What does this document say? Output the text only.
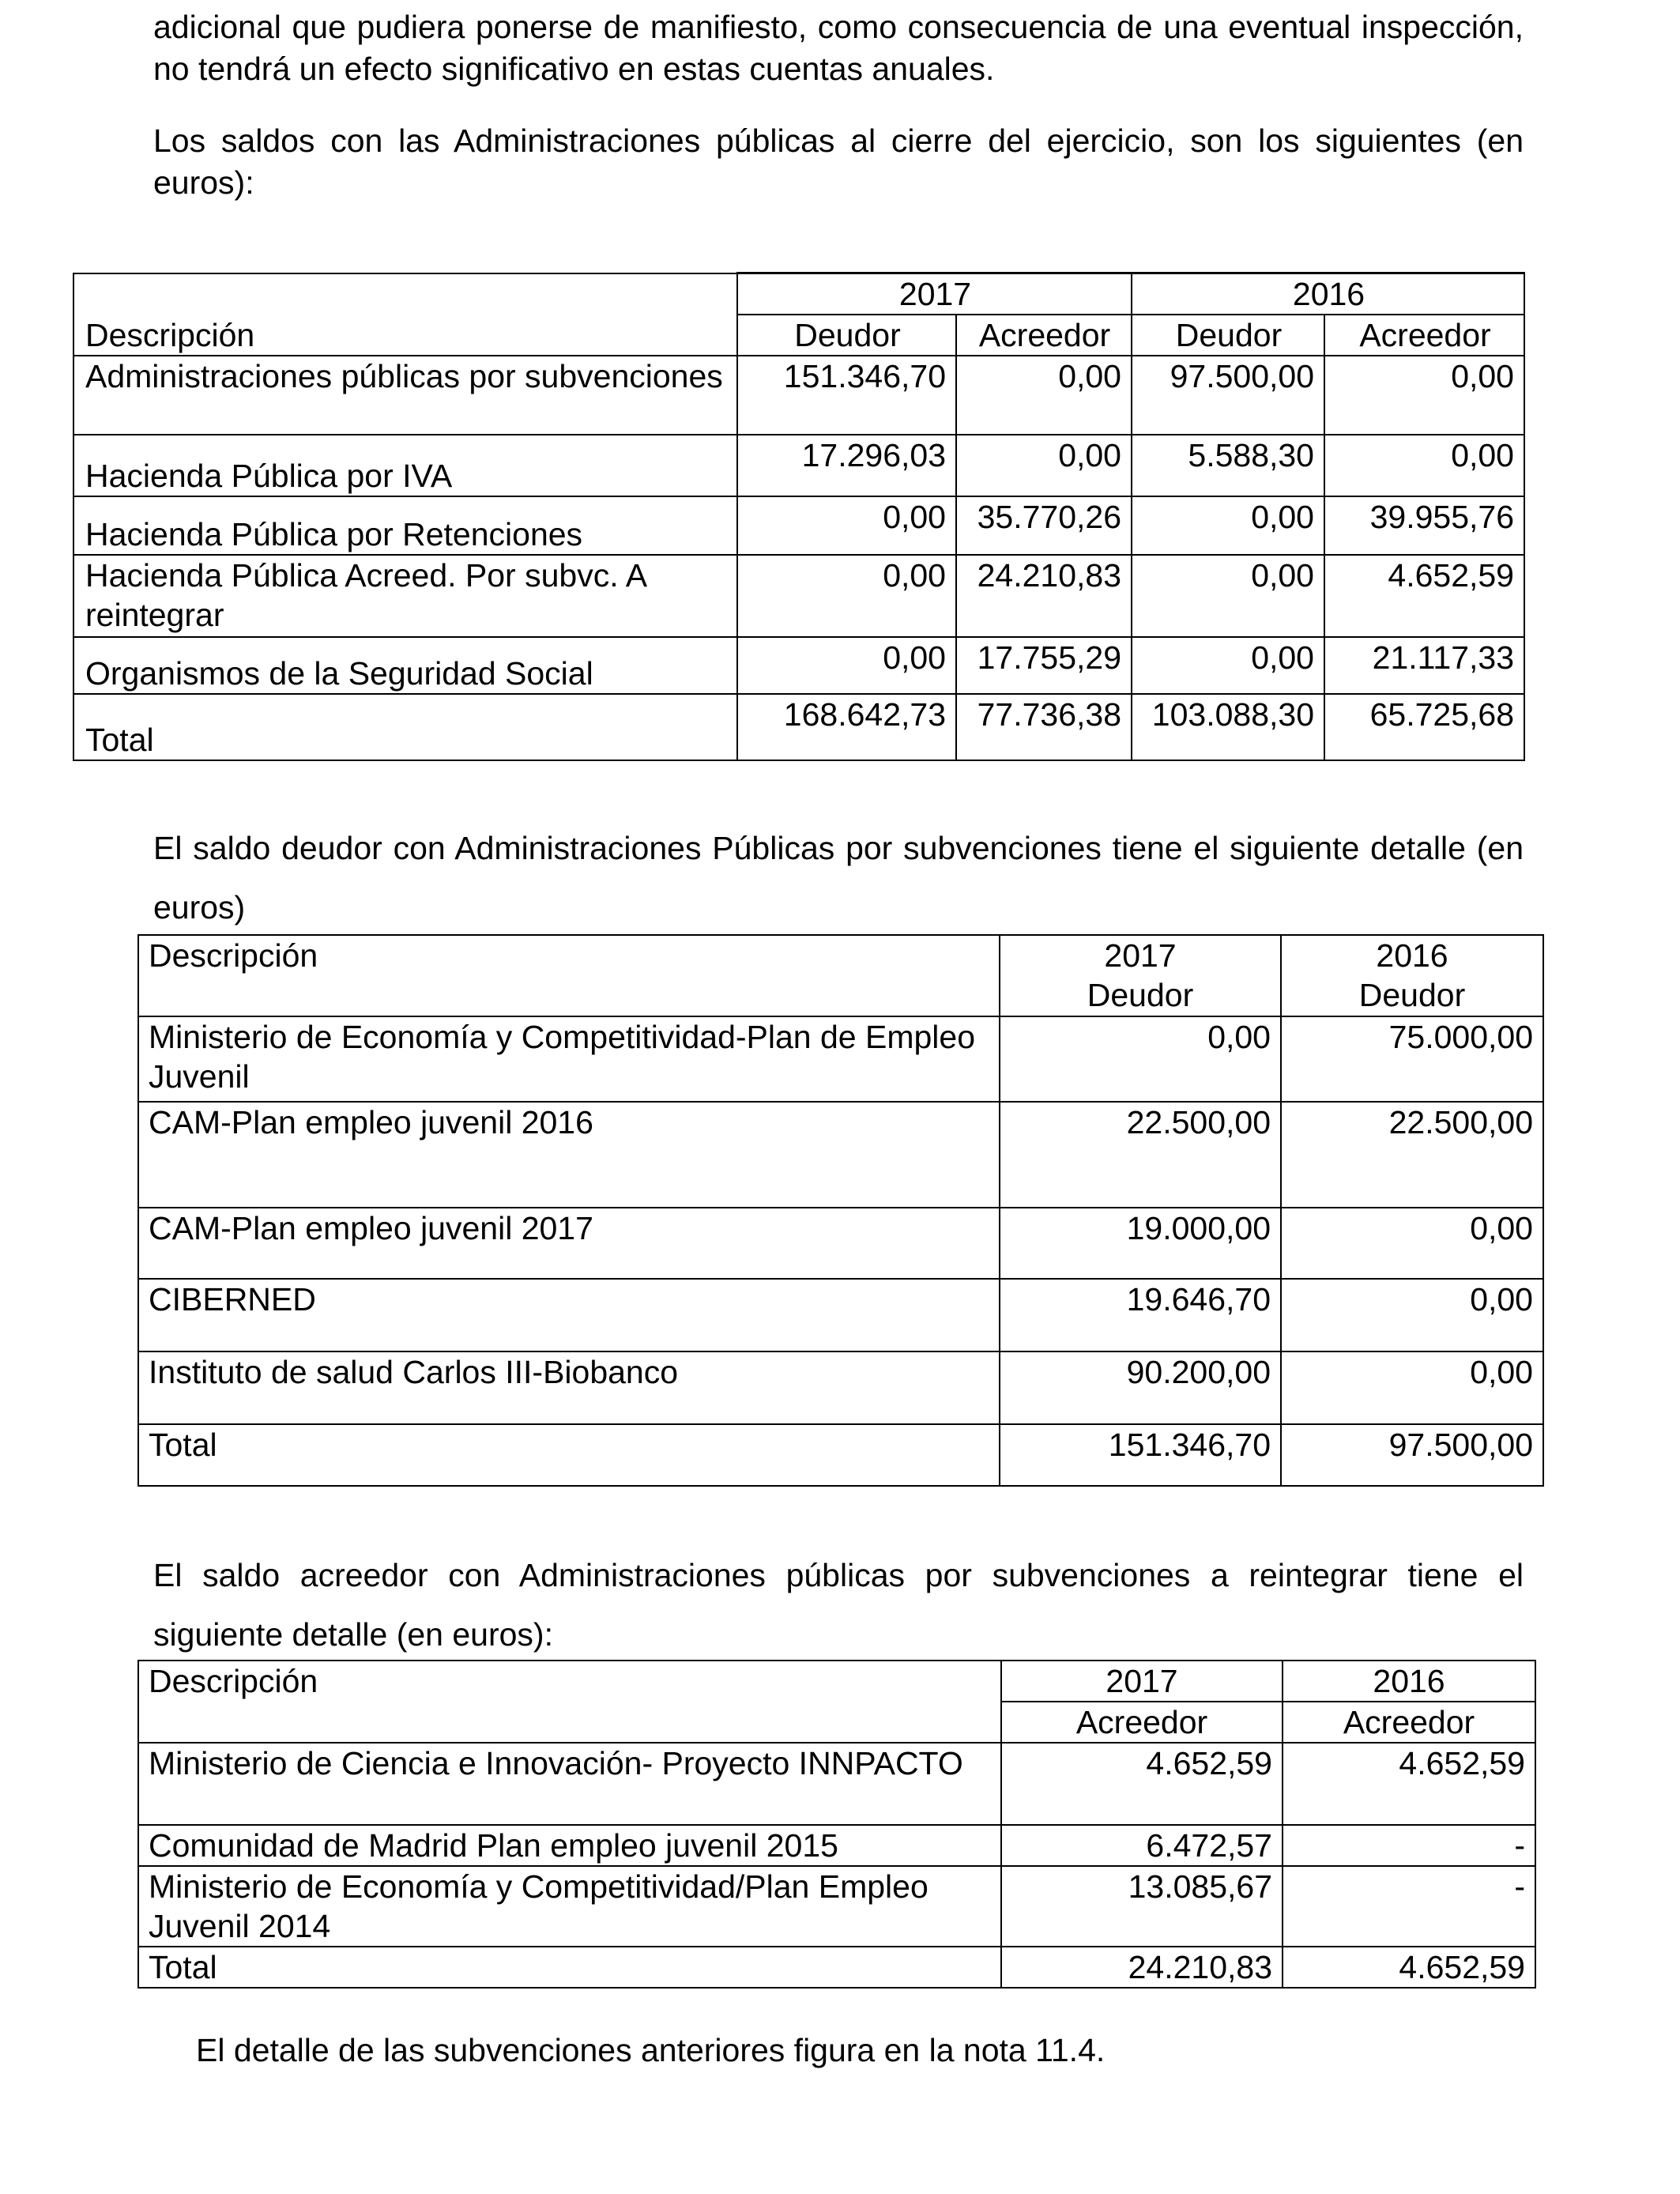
adicional que pudiera ponerse de manifiesto, como consecuencia de una eventual inspección, no tendrá un efecto significativo en estas cuentas anuales.

Los saldos con las Administraciones públicas al cierre del ejercicio, son los siguientes (en euros):

	2017		2016	
Descripción	Deudor	Acreedor	Deudor	Acreedor
Administraciones públicas por subvenciones	151.346,70	0,00	97.500,00	0,00
Hacienda Pública por IVA	17.296,03	0,00	5.588,30	0,00
Hacienda Pública por Retenciones	0,00	35.770,26	0,00	39.955,76
Hacienda Pública Acreed. Por subvc. A reintegrar	0,00	24.210,83	0,00	4.652,59
Organismos de la Seguridad Social	0,00	17.755,29	0,00	21.117,33
Total	168.642,73	77.736,38	103.088,30	65.725,68

El saldo deudor con Administraciones Públicas por subvenciones tiene el siguiente detalle (en euros)

Descripción	2017	2016
	Deudor	Deudor
Ministerio de Economía y Competitividad-Plan de Empleo Juvenil	0,00	75.000,00
CAM-Plan empleo juvenil 2016	22.500,00	22.500,00
CAM-Plan empleo juvenil 2017	19.000,00	0,00
CIBERNED	19.646,70	0,00
Instituto de salud Carlos III-Biobanco	90.200,00	0,00
Total	151.346,70	97.500,00

El saldo acreedor con Administraciones públicas por subvenciones a reintegrar tiene el siguiente detalle (en euros):

Descripción	2017	2016
	Acreedor	Acreedor
Ministerio de Ciencia e Innovación- Proyecto INNPACTO	4.652,59	4.652,59
Comunidad de Madrid Plan empleo juvenil 2015	6.472,57	-
Ministerio de Economía y Competitividad/Plan Empleo Juvenil 2014	13.085,67	-
Total	24.210,83	4.652,59

El detalle de las subvenciones anteriores figura en la nota 11.4.
